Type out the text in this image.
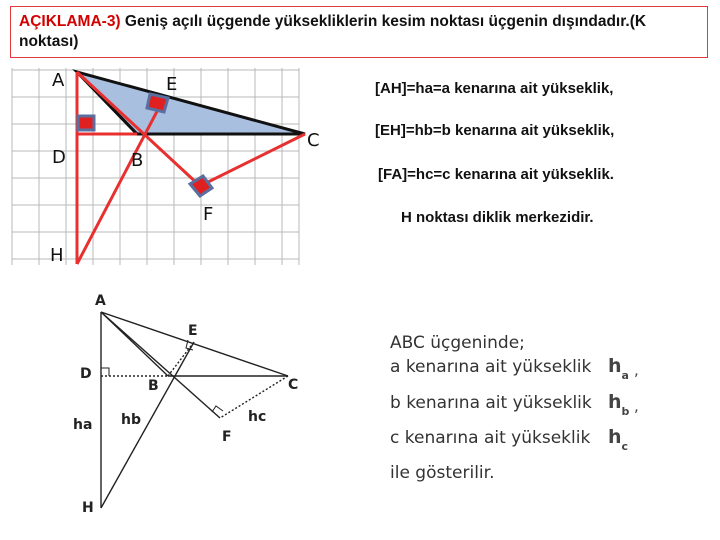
AÇIKLAMA-3) Geniş açılı üçgende yüksekliklerin kesim noktası üçgenin dışındadır.(K noktası)
A	E
C
D	B
F
H
[AH]=ha=a kenarına ait yükseklik,
[EH]=hb=b kenarına ait yükseklik,
[FA]=hc=c kenarına ait yükseklik.
H noktası diklik merkezidir.
A
E
D
B	C
ha hb	hc
F
H
ABC üçgeninde;
a kenarına ait yükseklik $h_a$ ,
b kenarına ait yükseklik $h_b$ ,
c kenarına ait yükseklik $h_c$
ile gösterilir.
